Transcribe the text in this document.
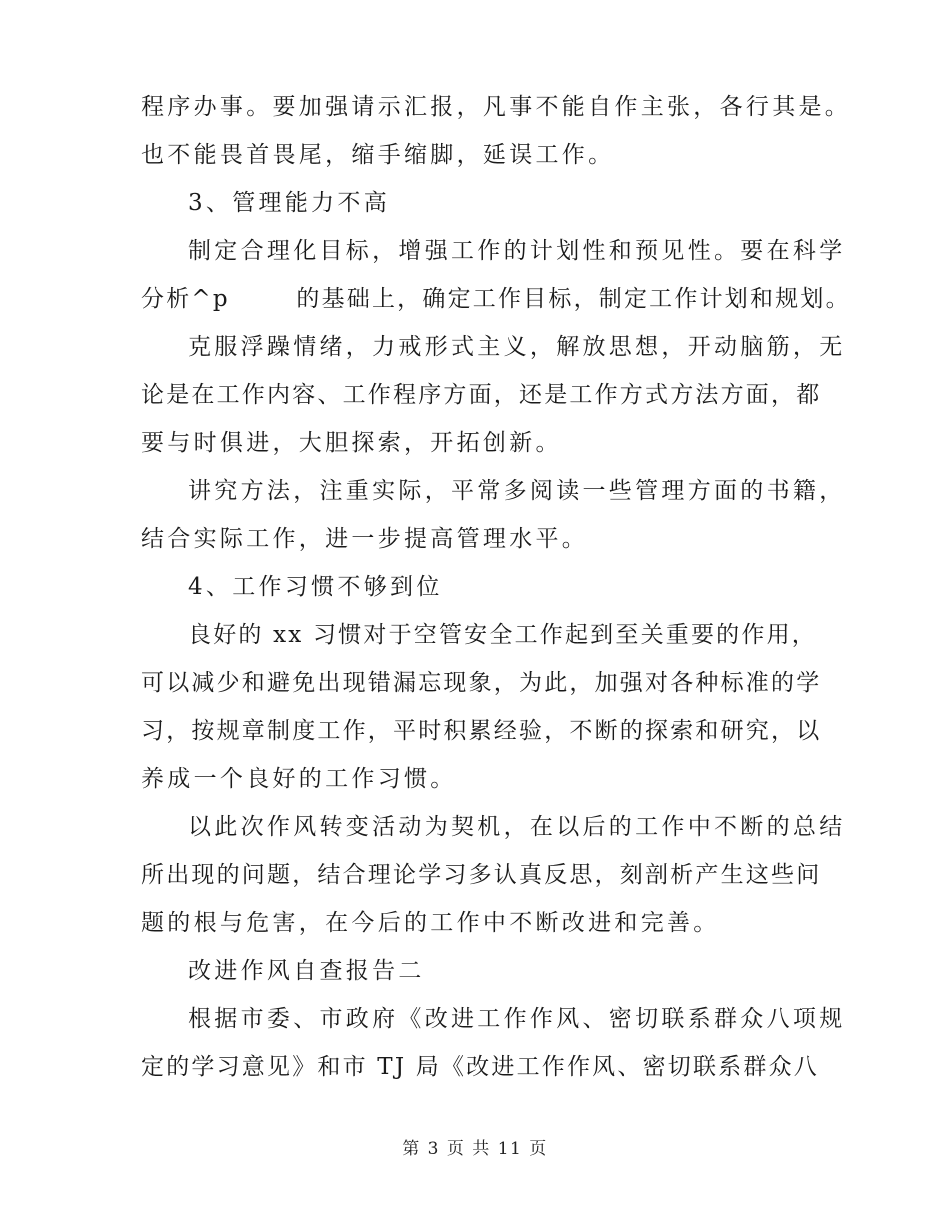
程序办事。要加强请示汇报，凡事不能自作主张，各行其是。
也不能畏首畏尾，缩手缩脚，延误工作。
3、管理能力不高
制定合理化目标，增强工作的计划性和预见性。要在科学
分析^p       的基础上，确定工作目标，制定工作计划和规划。
克服浮躁情绪，力戒形式主义，解放思想，开动脑筋，无
论是在工作内容、工作程序方面，还是工作方式方法方面，都
要与时俱进，大胆探索，开拓创新。
讲究方法，注重实际，平常多阅读一些管理方面的书籍，
结合实际工作，进一步提高管理水平。
4、工作习惯不够到位
良好的 xx 习惯对于空管安全工作起到至关重要的作用，
可以减少和避免出现错漏忘现象，为此，加强对各种标准的学
习，按规章制度工作，平时积累经验，不断的探索和研究，以
养成一个良好的工作习惯。
以此次作风转变活动为契机，在以后的工作中不断的总结
所出现的问题，结合理论学习多认真反思，刻剖析产生这些问
题的根与危害，在今后的工作中不断改进和完善。
改进作风自查报告二
根据市委、市政府《改进工作作风、密切联系群众八项规
定的学习意见》和市 TJ 局《改进工作作风、密切联系群众八
第 3 页 共 11 页
